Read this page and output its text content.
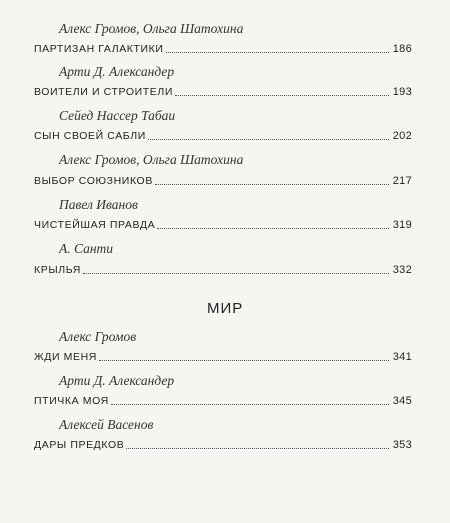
Алекс Громов, Ольга Шатохина
ПАРТИЗАН ГАЛАКТИКИ	186
Арти Д. Александер
ВОИТЕЛИ И СТРОИТЕЛИ	193
Сейед Нассер Табаи
СЫН СВОЕЙ САБЛИ	202
Алекс Громов, Ольга Шатохина
ВЫБОР СОЮЗНИКОВ	217
Павел Иванов
ЧИСТЕЙШАЯ ПРАВДА	319
А. Санти
КРЫЛЬЯ	332
МИР
Алекс Громов
ЖДИ МЕНЯ	341
Арти Д. Александер
ПТИЧКА МОЯ	345
Алексей Васенов
ДАРЫ ПРЕДКОВ	353
